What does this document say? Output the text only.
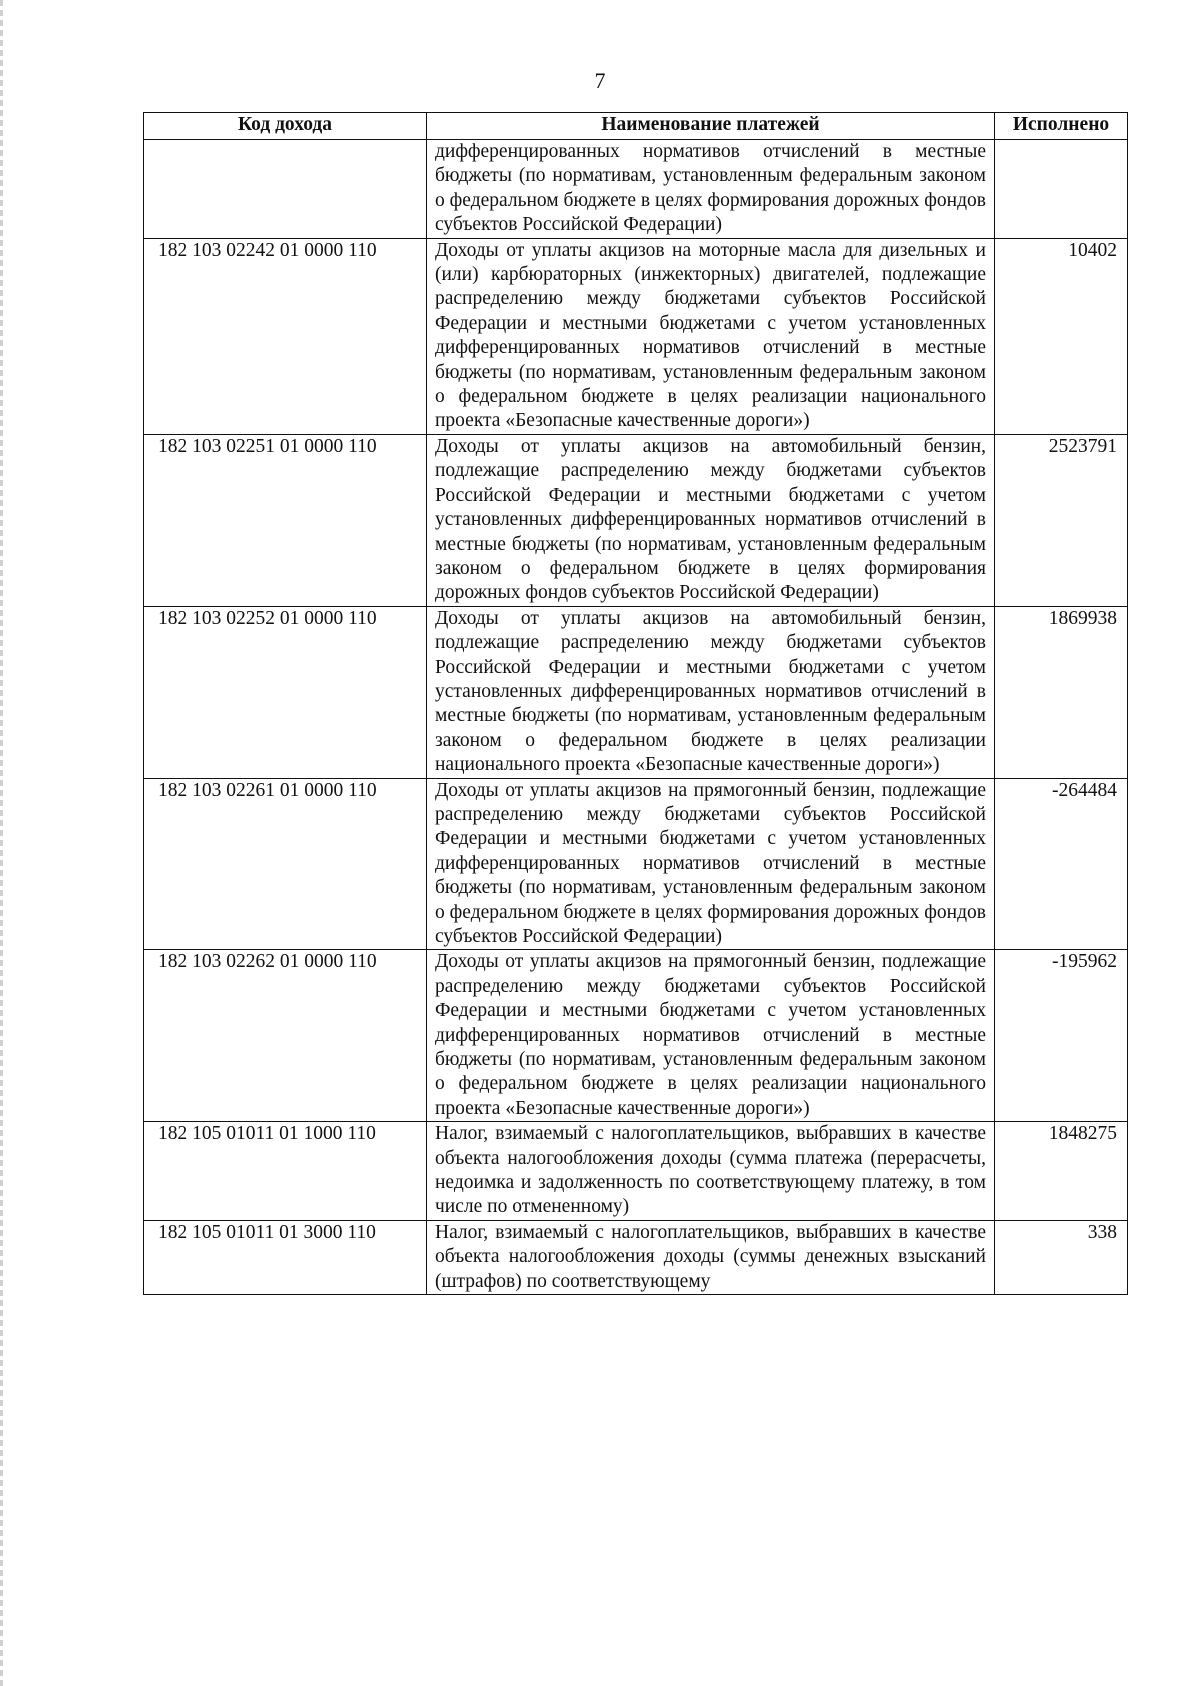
7
Код дохода	Наименование платежей	Исполнено
	дифференцированных нормативов отчислений в местные бюджеты (по нормативам, установленным федеральным законом о федеральном бюджете в целях формирования дорожных фондов субъектов Российской Федерации)	
182 103 02242 01 0000 110	Доходы от уплаты акцизов на моторные масла для дизельных и (или) карбюраторных (инжекторных) двигателей, подлежащие распределению между бюджетами субъектов Российской Федерации и местными бюджетами с учетом установленных дифференцированных нормативов отчислений в местные бюджеты (по нормативам, установленным федеральным законом о федеральном бюджете в целях реализации национального проекта «Безопасные качественные дороги»)	10402
182 103 02251 01 0000 110	Доходы от уплаты акцизов на автомобильный бензин, подлежащие распределению между бюджетами субъектов Российской Федерации и местными бюджетами с учетом установленных дифференцированных нормативов отчислений в местные бюджеты (по нормативам, установленным федеральным законом о федеральном бюджете в целях формирования дорожных фондов субъектов Российской Федерации)	2523791
182 103 02252 01 0000 110	Доходы от уплаты акцизов на автомобильный бензин, подлежащие распределению между бюджетами субъектов Российской Федерации и местными бюджетами с учетом установленных дифференцированных нормативов отчислений в местные бюджеты (по нормативам, установленным федеральным законом о федеральном бюджете в целях реализации национального проекта «Безопасные качественные дороги»)	1869938
182 103 02261 01 0000 110	Доходы от уплаты акцизов на прямогонный бензин, подлежащие распределению между бюджетами субъектов Российской Федерации и местными бюджетами с учетом установленных дифференцированных нормативов отчислений в местные бюджеты (по нормативам, установленным федеральным законом о федеральном бюджете в целях формирования дорожных фондов субъектов Российской Федерации)	-264484
182 103 02262 01 0000 110	Доходы от уплаты акцизов на прямогонный бензин, подлежащие распределению между бюджетами субъектов Российской Федерации и местными бюджетами с учетом установленных дифференцированных нормативов отчислений в местные бюджеты (по нормативам, установленным федеральным законом о федеральном бюджете в целях реализации национального проекта «Безопасные качественные дороги»)	-195962
182 105 01011 01 1000 110	Налог, взимаемый с налогоплательщиков, выбравших в качестве объекта налогообложения доходы (сумма платежа (перерасчеты, недоимка и задолженность по соответствующему платежу, в том числе по отмененному)	1848275
182 105 01011 01 3000 110	Налог, взимаемый с налогоплательщиков, выбравших в качестве объекта налогообложения доходы (суммы денежных взысканий (штрафов) по соответствующему	338
